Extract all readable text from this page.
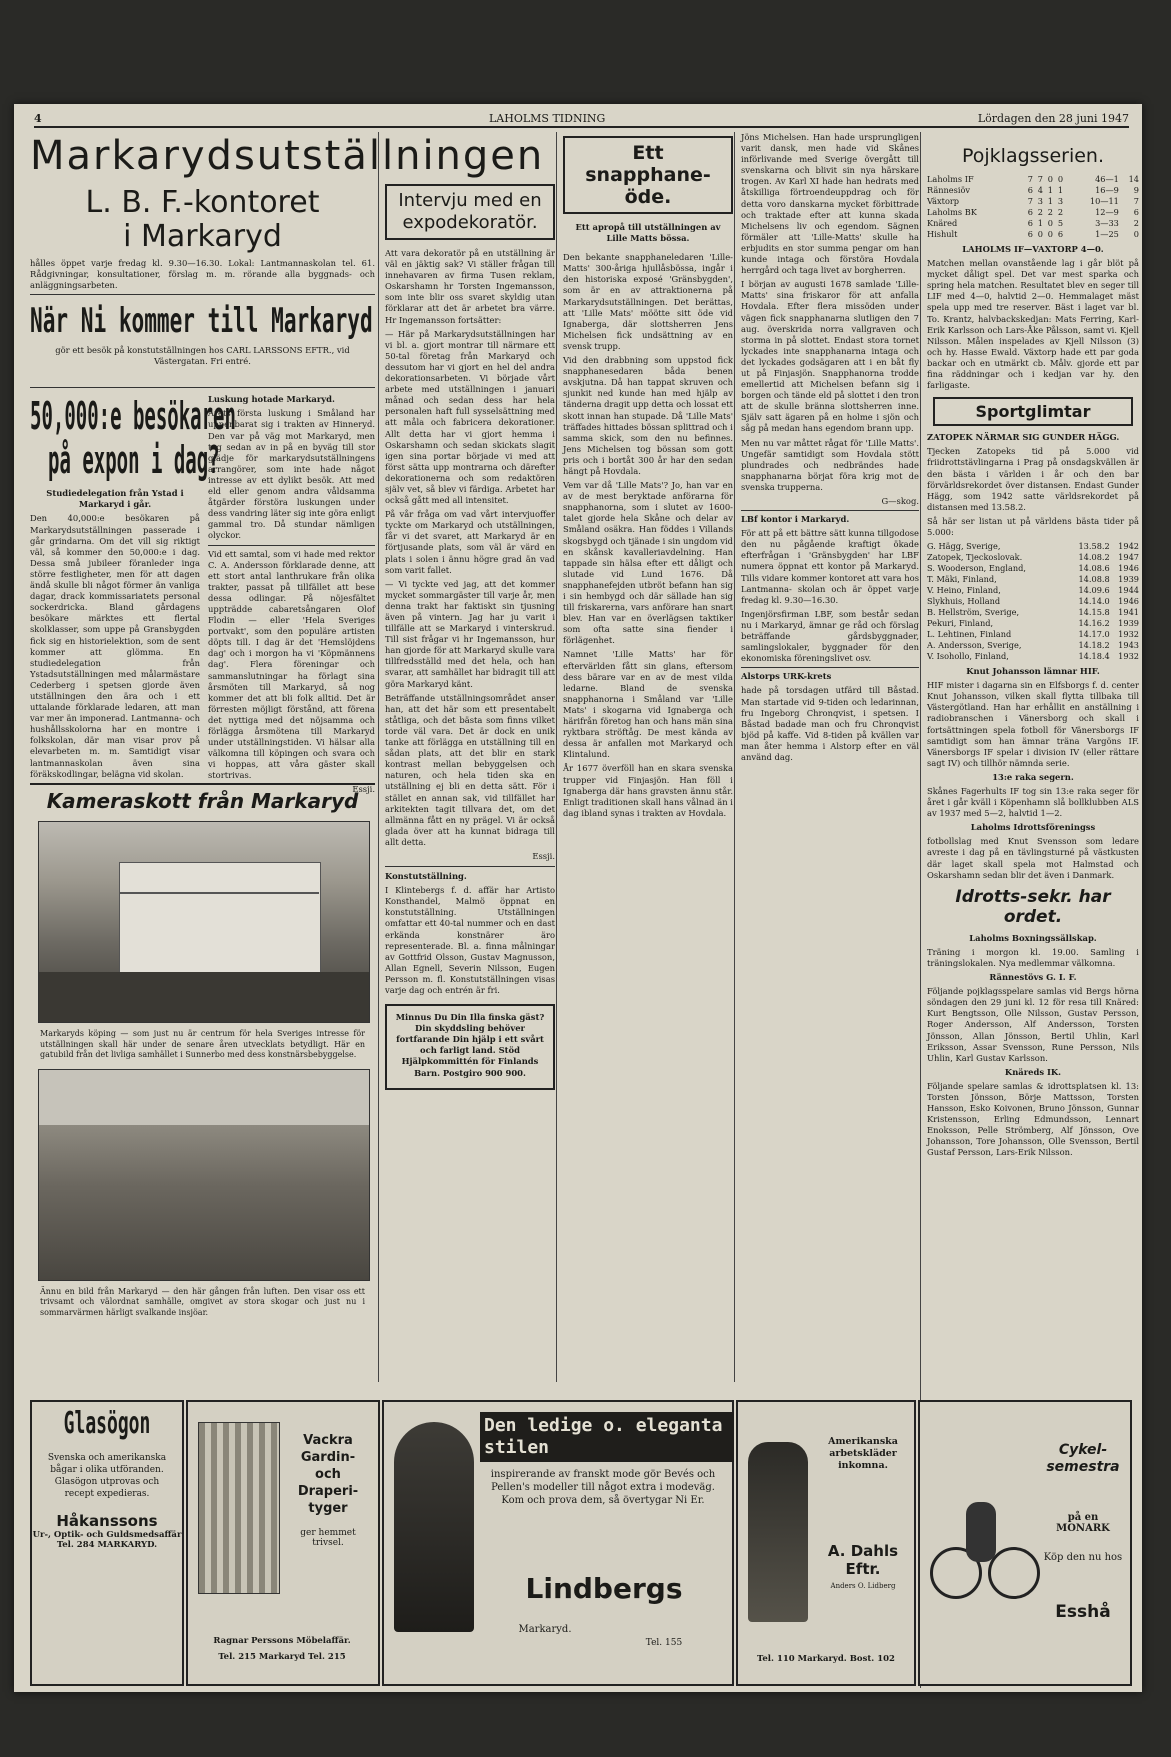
4	LAHOLMS TIDNING	Lördagen den 28 juni 1947
Markarydsutställningen
L. B. F.-kontoret
i Markaryd

hålles öppet varje fredag kl. 9.30—16.30. Lokal: Lantmannaskolan tel. 61. Rådgivningar, konsultationer, förslag m. m. rörande alla byggnads- och anläggningsarbeten.

När Ni kommer till Markaryd

gör ett besök på konstutställningen hos CARL LARSSONS EFTR., vid Västergatan. Fri entré.

50,000:e besökaren
på expon i dag?

Studiedelegation från Ystad i Markaryd i går.

Den 40,000:e besökaren på Markarydsutställningen passerade i går grindarna. Om det vill sig riktigt väl, så kommer den 50,000:e i dag. Dessa små jubileer föranleder inga större festligheter, men för att dagen ändå skulle bli något förmer än vanliga dagar, drack kommissariatets personal sockerdricka. Bland gårdagens besökare märktes ett flertal skolklasser, som uppe på Gransbygden fick sig en historielektion, som de sent kommer att glömma. En studiedelegation från Ystadsutställningen med målarmästare Cederberg i spetsen gjorde även utställningen den ära och i ett uttalande förklarade ledaren, att man var mer än imponerad. Lantmanna- och hushållsskolorna har en montre i folkskolan, där man visar prov på elevarbeten m. m. Samtidigt visar lantmannaskolan även sina föräkskodlingar, belägna vid skolan.

Luskung hotade Markaryd.

Årets första luskung i Småland har uppenbarat sig i trakten av Hinneryd. Den var på väg mot Markaryd, men tog sedan av in på en byväg till stor glädje för markarydsutställningens arrangörer, som inte hade något intresse av ett dylikt besök. Att med eld eller genom andra våldsamma åtgärder förstöra luskungen under dess vandring läter sig inte göra enligt gammal tro. Då stundar nämligen olyckor.

Vid ett samtal, som vi hade med rektor C. A. Andersson förklarade denne, att ett stort antal lanthrukare från olika trakter, passat på tillfället att bese dessa odlingar. På nöjesfältet uppträdde cabaretsångaren Olof Flodin — eller 'Hela Sveriges portvakt', som den populäre artisten döpts till. I dag är det 'Hemslöjdens dag' och i morgon ha vi 'Köpmännens dag'. Flera föreningar och sammanslutningar ha förlagt sina årsmöten till Markaryd, så nog kommer det att bli folk alltid. Det är förresten möjligt förstånd, att förena det nyttiga med det nöjsamma och förlägga årsmötena till Markaryd under utställningstiden. Vi hälsar alla välkomna till köpingen och svara och vi hoppas, att våra gäster skall stortrivas.

Essji.

Kameraskott från Markaryd

Markaryds köping — som just nu är centrum för hela Sveriges intresse för utställningen skall här under de senare åren utvecklats betydligt. Här en gatubild från det livliga samhället i Sunnerbo med dess konstnärsbebyggelse.

Ännu en bild från Markaryd — den här gången från luften. Den visar oss ett trivsamt och välordnat samhälle, omgivet av stora skogar och just nu i sommarvärmen härligt svalkande insjöar.

Intervju med en expodekoratör.

Att vara dekoratör på en utställning är väl en jäktig sak? Vi ställer frågan till innehavaren av firma Tusen reklam, Oskarshamn hr Torsten Ingemansson, som inte blir oss svaret skyldig utan förklarar att det är arbetet bra värre. Hr Ingemansson fortsätter:

— Här på Markarydsutställningen har vi bl. a. gjort montrar till närmare ett 50-tal företag från Markaryd och dessutom har vi gjort en hel del andra dekorationsarbeten. Vi började vårt arbete med utställningen i januari månad och sedan dess har hela personalen haft full sysselsättning med att måla och fabricera dekorationer. Allt detta har vi gjort hemma i Oskarshamn och sedan skickats slagit igen sina portar började vi med att först sätta upp montrarna och därefter dekorationerna och som redaktören själv vet, så blev vi färdiga. Arbetet har också gått med all intensitet.

På vår fråga om vad vårt intervjuoffer tyckte om Markaryd och utställningen, får vi det svaret, att Markaryd är en förtjusande plats, som väl är värd en plats i solen i ännu högre grad än vad som varit fallet.

— Vi tyckte ved jag, att det kommer mycket sommargäster till varje år, men denna trakt har faktiskt sin tjusning även på vintern. Jag har ju varit i tillfälle att se Markaryd i vinterskrud. Till sist frågar vi hr Ingemansson, hur han gjorde för att Markaryd skulle vara tillfredsställd med det hela, och han svarar, att samhället har bidragit till att göra Markaryd känt.

Beträffande utställningsområdet anser han, att det här som ett presentabelt ståtliga, och det bästa som finns vilket torde väl vara. Det är dock en unik tanke att förlägga en utställning till en sådan plats, att det blir en stark kontrast mellan bebyggelsen och naturen, och hela tiden ska en utställning ej bli en detta sätt. För i stället en annan sak, vid tillfället har arkitekten tagit tillvara det, om det allmänna fått en ny prägel. Vi är också glada över att ha kunnat bidraga till allt detta.

Essji.

Konstutställning.

I Klintebergs f. d. affär har Artisto Konsthandel, Malmö öppnat en konstutställning. Utställningen omfattar ett 40-tal nummer och en dast erkända konstnärer äro representerade. Bl. a. finna målningar av Gottfrid Olsson, Gustav Magnusson, Allan Egnell, Severin Nilsson, Eugen Persson m. fl. Konstutställningen visas varje dag och entrén är fri.

Minnus Du Din Illa finska gäst? Din skyddsling behöver fortfarande Din hjälp i ett svårt och farligt land. Stöd Hjälpkommittén för Finlands Barn. Postgiro 900 900.

Ett snapphane-öde.

Ett apropå till utställningen av Lille Matts bössa.

Den bekante snapphaneledaren 'Lille-Matts' 300-åriga hjullåsbössa, ingår i den historiska exposé 'Gränsbygden', som är en av attraktionerna på Markarydsutställningen. Det berättas, att 'Lille Mats' möötte sitt öde vid Ignaberga, där slottsherren Jens Michelsen fick undsättning av en svensk trupp.

Vid den drabbning som uppstod fick snapphanesedaren båda benen avskjutna. Då han tappat skruven och sjunkit ned kunde han med hjälp av tänderna dragit upp detta och lossat ett skott innan han stupade. Då 'Lille Mats' träffades hittades bössan splittrad och i samma skick, som den nu befinnes. Jens Michelsen tog bössan som gott pris och i bortåt 300 år har den sedan hängt på Hovdala.

Vem var då 'Lille Mats'? Jo, han var en av de mest beryktade anförarna för snapphanorna, som i slutet av 1600-talet gjorde hela Skåne och delar av Småland osäkra. Han föddes i Villands skogsbygd och tjänade i sin ungdom vid en skånsk kavalleriavdelning. Han tappade sin hälsa efter ett dåligt och slutade vid Lund 1676. Då snapphanefejden utbröt befann han sig i sin hembygd och där sällade han sig till friskarerna, vars anförare han snart blev. Han var en överlägsen taktiker som ofta satte sina fiender i förlägenhet.

Namnet 'Lille Matts' har för eftervärlden fått sin glans, eftersom dess bärare var en av de mest vilda ledarne. Bland de svenska snapphanorna i Småland var 'Lille Mats' i skogarna vid Ignaberga och härifrån företog han och hans män sina ryktbara ströftåg. De mest kända av dessa är anfallen mot Markaryd och Klintalund.

År 1677 överföll han en skara svenska trupper vid Finjasjön. Han föll i Ignaberga där hans gravsten ännu står. Enligt traditionen skall hans vålnad än i dag ibland synas i trakten av Hovdala.

Jöns Michelsen. Han hade ursprungligen varit dansk, men hade vid Skånes införlivande med Sverige övergått till svenskarna och blivit sin nya härskare trogen. Av Karl XI hade han hedrats med åtskilliga förtroendeuppdrag och för detta voro danskarna mycket förbittrade och traktade efter att kunna skada Michelsens liv och egendom. Sägnen förmäler att 'Lille-Matts' skulle ha erbjudits en stor summa pengar om han kunde intaga och förstöra Hovdala herrgård och taga livet av borgherren.

I början av augusti 1678 samlade 'Lille-Matts' sina friskaror för att anfalla Hovdala. Efter flera missöden under vägen fick snapphanarna slutligen den 7 aug. överskrida norra vallgraven och storma in på slottet. Endast stora tornet lyckades inte snapphanarna intaga och det lyckades godsägaren att i en båt fly ut på Finjasjön. Snapphanorna trodde emellertid att Michelsen befann sig i borgen och tände eld på slottet i den tron att de skulle bränna slottsherren inne. Själv satt ägaren på en holme i sjön och såg på medan hans egendom brann upp.

Men nu var måttet rågat för 'Lille Matts'. Ungefär samtidigt som Hovdala stött plundrades och nedbrändes hade snapphanarna börjat föra krig mot de svenska trupperna.

G—skog.

LBf kontor i Markaryd.

För att på ett bättre sätt kunna tillgodose den nu pågående kraftigt ökade efterfrågan i 'Gränsbygden' har LBF numera öppnat ett kontor på Markaryd. Tills vidare kommer kontoret att vara hos Lantmanna- skolan och är öppet varje fredag kl. 9.30—16.30.

Ingenjörsfirman LBF, som består sedan nu i Markaryd, ämnar ge råd och förslag beträffande gårdsbyggnader, samlingslokaler, byggnader för den ekonomiska föreningslivet osv.

Alstorps URK-krets

hade på torsdagen utfärd till Båstad. Man startade vid 9-tiden och ledarinnan, fru Ingeborg Chronqvist, i spetsen. I Båstad badade man och fru Chronqvist bjöd på kaffe. Vid 8-tiden på kvällen var man åter hemma i Alstorp efter en väl använd dag.

Pojklagsserien.
Laholms IF	7	7	0	0	46—1	14
Rännesiöv	6	4	1	1	16—9	9
Växtorp	7	3	1	3	10—11	7
Laholms BK	6	2	2	2	12—9	6
Knäred	6	1	0	5	3—33	2
Hishult	6	0	0	6	1—25	0

LAHOLMS IF—VAXTORP 4—0.

Matchen mellan ovanstående lag i går blöt på mycket dåligt spel. Det var mest sparka och spring hela matchen. Resultatet blev en seger till LIF med 4—0, halvtid 2—0. Hemmalaget mäst spela upp med tre reserver. Bäst i laget var bl. To. Krantz, halvbackskedjan: Mats Ferring, Karl-Erik Karlsson och Lars-Åke Pålsson, samt vi. Kjell Nilsson. Målen inspelades av Kjell Nilsson (3) och hy. Hasse Ewald. Växtorp hade ett par goda backar och en utmärkt cb. Målv. gjorde ett par fina räddningar och i kedjan var hy. den farligaste.

Sportglimtar

ZATOPEK NÄRMAR SIG GUNDER HÄGG.

Tjecken Zatopeks tid på 5.000 vid friidrottstävlingarna i Prag på onsdagskvällen är den bästa i världen i år och den bar förvärldsrekordet över distansen. Endast Gunder Hägg, som 1942 satte världsrekordet på distansen med 13.58.2.

Så här ser listan ut på världens bästa tider på 5.000:

G. Hägg, Sverige,	13.58.2	1942
Zatopek, Tjeckoslovak.	14.08.2	1947
S. Wooderson, England,	14.08.6	1946
T. Mäki, Finland,	14.08.8	1939
V. Heino, Finland,	14.09.6	1944
Slykhuis, Holland	14.14.0	1946
B. Hellström, Sverige,	14.15.8	1941
Pekuri, Finland,	14.16.2	1939
L. Lehtinen, Finland	14.17.0	1932
A. Andersson, Sverige,	14.18.2	1943
V. Isohollo, Finland,	14.18.4	1932

Knut Johansson lämnar HIF.

HIF mister i dagarna sin en Elfsborgs f. d. center Knut Johansson, vilken skall flytta tillbaka till Västergötland. Han har erhållit en anställning i radiobranschen i Vänersborg och skall i fortsättningen spela fotboll för Vänersborgs IF samtidigt som han ämnar träna Vargöns IF. Vänersborgs IF spelar i division IV (eller rättare sagt IV) och tillhör nämnda serie.

13:e raka segern.

Skånes Fagerhults IF tog sin 13:e raka seger för året i går kväll i Köpenhamn slå bollklubben ALS av 1937 med 5—2, halvtid 1—2.

Laholms Idrottsföreningss

fotbollslag med Knut Svensson som ledare avreste i dag på en tävlingsturné på västkusten där laget skall spela mot Halmstad och Oskarshamn sedan blir det även i Danmark.

Idrotts-sekr. har ordet.

Laholms Boxningssällskap.

Träning i morgon kl. 19.00. Samling i träningslokalen. Nya medlemmar välkomna.

Rännestövs G. I. F.

Följande pojklagsspelare samlas vid Bergs hörna söndagen den 29 juni kl. 12 för resa till Knäred: Kurt Bengtsson, Olle Nilsson, Gustav Persson, Roger Andersson, Alf Andersson, Torsten Jönsson, Allan Jönsson, Bertil Uhlin, Karl Eriksson, Assar Svensson, Rune Persson, Nils Uhlin, Karl Gustav Karlsson.

Knäreds IK.

Följande spelare samlas & idrottsplatsen kl. 13: Torsten Jönsson, Börje Mattsson, Torsten Hansson, Esko Koivonen, Bruno Jönsson, Gunnar Kristensson, Erling Edmundsson, Lennart Enoksson, Pelle Strömberg, Alf Jönsson, Ove Johansson, Tore Johansson, Olle Svensson, Bertil Gustaf Persson, Lars-Erik Nilsson.

Glasögon

Svenska och amerikanska bågar i olika utföranden. Glasögon utprovas och recept expedieras.

Håkanssons
Ur-, Optik- och Guldsmedsaffär
Tel. 284 MARKARYD.
Vackra Gardin- och Draperi- tyger
ger hemmet trivsel.
Ragnar Perssons Möbelaffär.
Tel. 215 Markaryd Tel. 215
Den ledige o. eleganta stilen

inspirerande av franskt mode gör Bevés och Pellen's modeller till något extra i modeväg. Kom och prova dem, så övertygar Ni Er.

Lindbergs
Markaryd.
Tel. 155
Amerikanska arbetskläder inkomna.
A. Dahls Eftr.
Anders O. Lidberg
Tel. 110 Markaryd. Bost. 102
Cykel-semestra
på en MONARK
Köp den nu hos
Esshå
